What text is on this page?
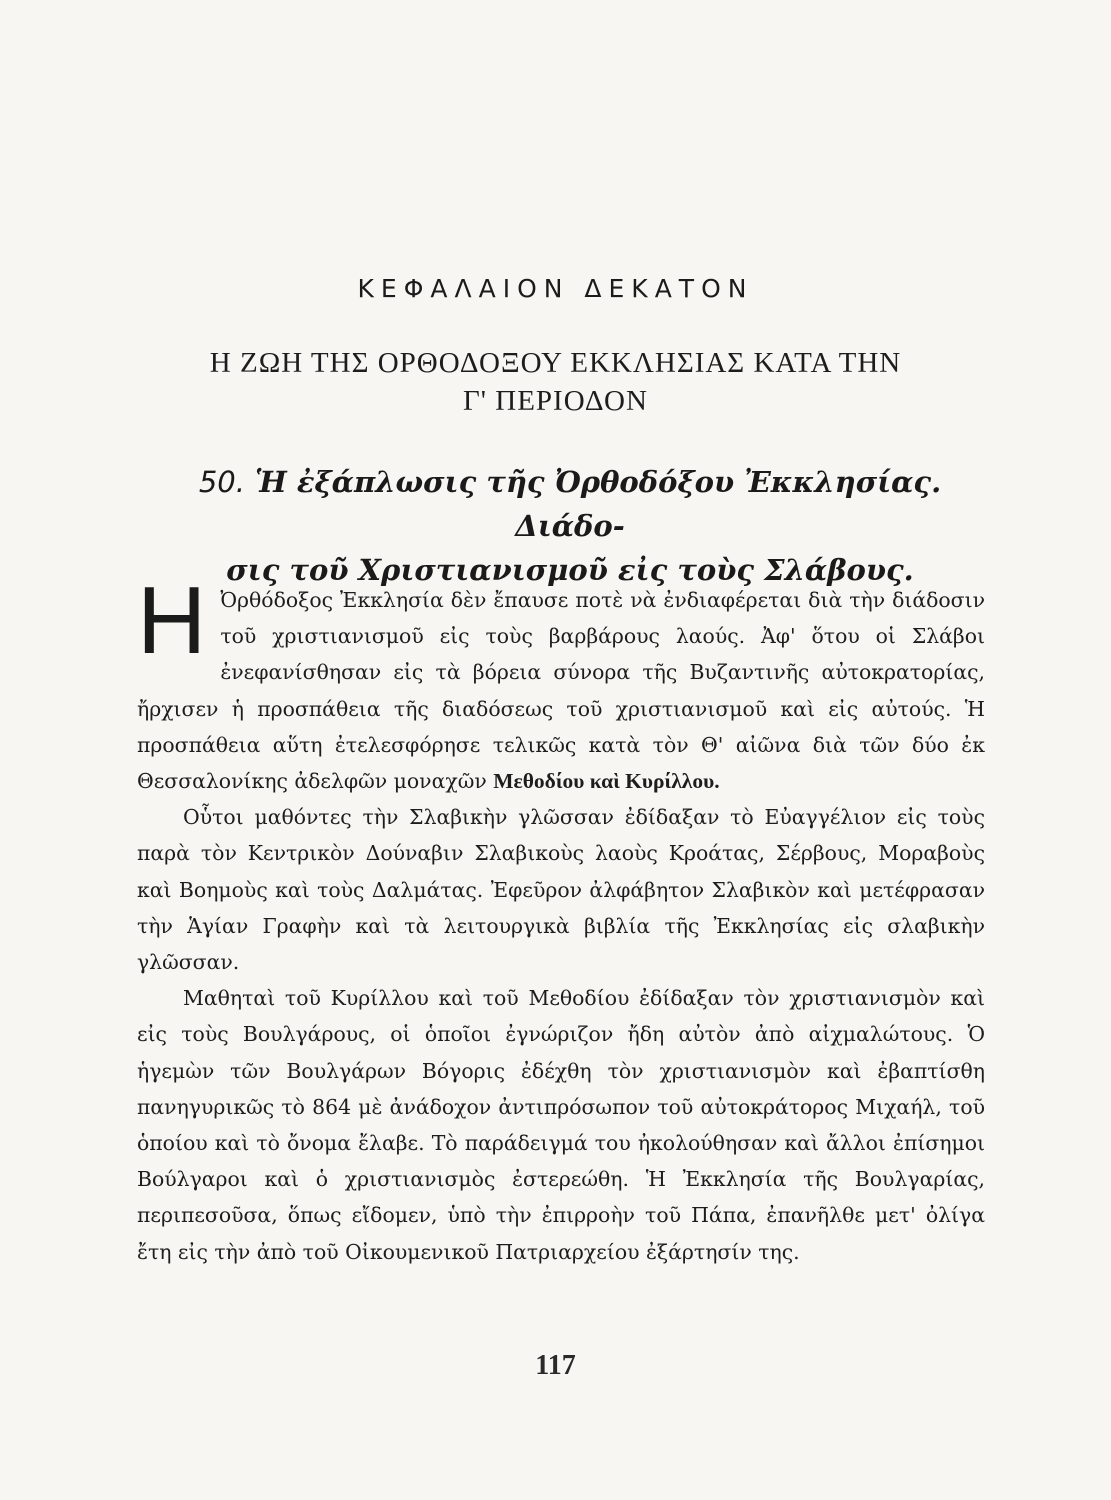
ΚΕΦΑΛΑΙΟΝ ΔΕΚΑΤΟΝ
Η ΖΩΗ ΤΗΣ ΟΡΘΟΔΟΞΟΥ ΕΚΚΛΗΣΙΑΣ ΚΑΤΑ ΤΗΝ
Γ' ΠΕΡΙΟΔΟΝ
50. Ἡ ἐξάπλωσις τῆς Ὀρθοδόξου Ἐκκλησίας. Διάδο-
σις τοῦ Χριστιανισμοῦ εἰς τοὺς Σλάβους.

Η Ὀρθόδοξος Ἐκκλησία δὲν ἔπαυσε ποτὲ νὰ ἐνδιαφέρεται διὰ τὴν διάδοσιν τοῦ χριστιανισμοῦ εἰς τοὺς βαρβάρους λαούς. Ἀφ' ὅτου οἱ Σλάβοι ἐνεφανίσθησαν εἰς τὰ βόρεια σύνορα τῆς Βυζαντινῆς αὐτοκρατορίας, ἤρχισεν ἡ προσπάθεια τῆς διαδόσεως τοῦ χριστιανισμοῦ καὶ εἰς αὐτούς. Ἡ προσπάθεια αὕτη ἐτελεσφόρησε τελικῶς κατὰ τὸν Θ' αἰῶνα διὰ τῶν δύο ἐκ Θεσσαλονίκης ἀδελφῶν μοναχῶν Μεθοδίου καὶ Κυρίλλου.

Οὗτοι μαθόντες τὴν Σλαβικὴν γλῶσσαν ἐδίδαξαν τὸ Εὐαγγέλιον εἰς τοὺς παρὰ τὸν Κεντρικὸν Δούναβιν Σλαβικοὺς λαοὺς Κροάτας, Σέρβους, Μοραβοὺς καὶ Βοημοὺς καὶ τοὺς Δαλμάτας. Ἐφεῦρον ἀλφάβητον Σλαβικὸν καὶ μετέφρασαν τὴν Ἁγίαν Γραφὴν καὶ τὰ λειτουργικὰ βιβλία τῆς Ἐκκλησίας εἰς σλαβικὴν γλῶσσαν.

Μαθηταὶ τοῦ Κυρίλλου καὶ τοῦ Μεθοδίου ἐδίδαξαν τὸν χριστιανισμὸν καὶ εἰς τοὺς Βουλγάρους, οἱ ὁποῖοι ἐγνώριζον ἤδη αὐτὸν ἀπὸ αἰχμαλώτους. Ὁ ἡγεμὼν τῶν Βουλγάρων Βόγορις ἐδέχθη τὸν χριστιανισμὸν καὶ ἐβαπτίσθη πανηγυρικῶς τὸ 864 μὲ ἀνάδοχον ἀντιπρόσωπον τοῦ αὐτοκράτορος Μιχαήλ, τοῦ ὁποίου καὶ τὸ ὄνομα ἔλαβε. Τὸ παράδειγμά του ἠκολούθησαν καὶ ἄλλοι ἐπίσημοι Βούλγαροι καὶ ὁ χριστιανισμὸς ἐστερεώθη. Ἡ Ἐκκλησία τῆς Βουλγαρίας, περιπεσοῦσα, ὅπως εἴδομεν, ὑπὸ τὴν ἐπιρροὴν τοῦ Πάπα, ἐπανῆλθε μετ' ὀλίγα ἔτη εἰς τὴν ἀπὸ τοῦ Οἰκουμενικοῦ Πατριαρχείου ἐξάρτησίν της.

117
